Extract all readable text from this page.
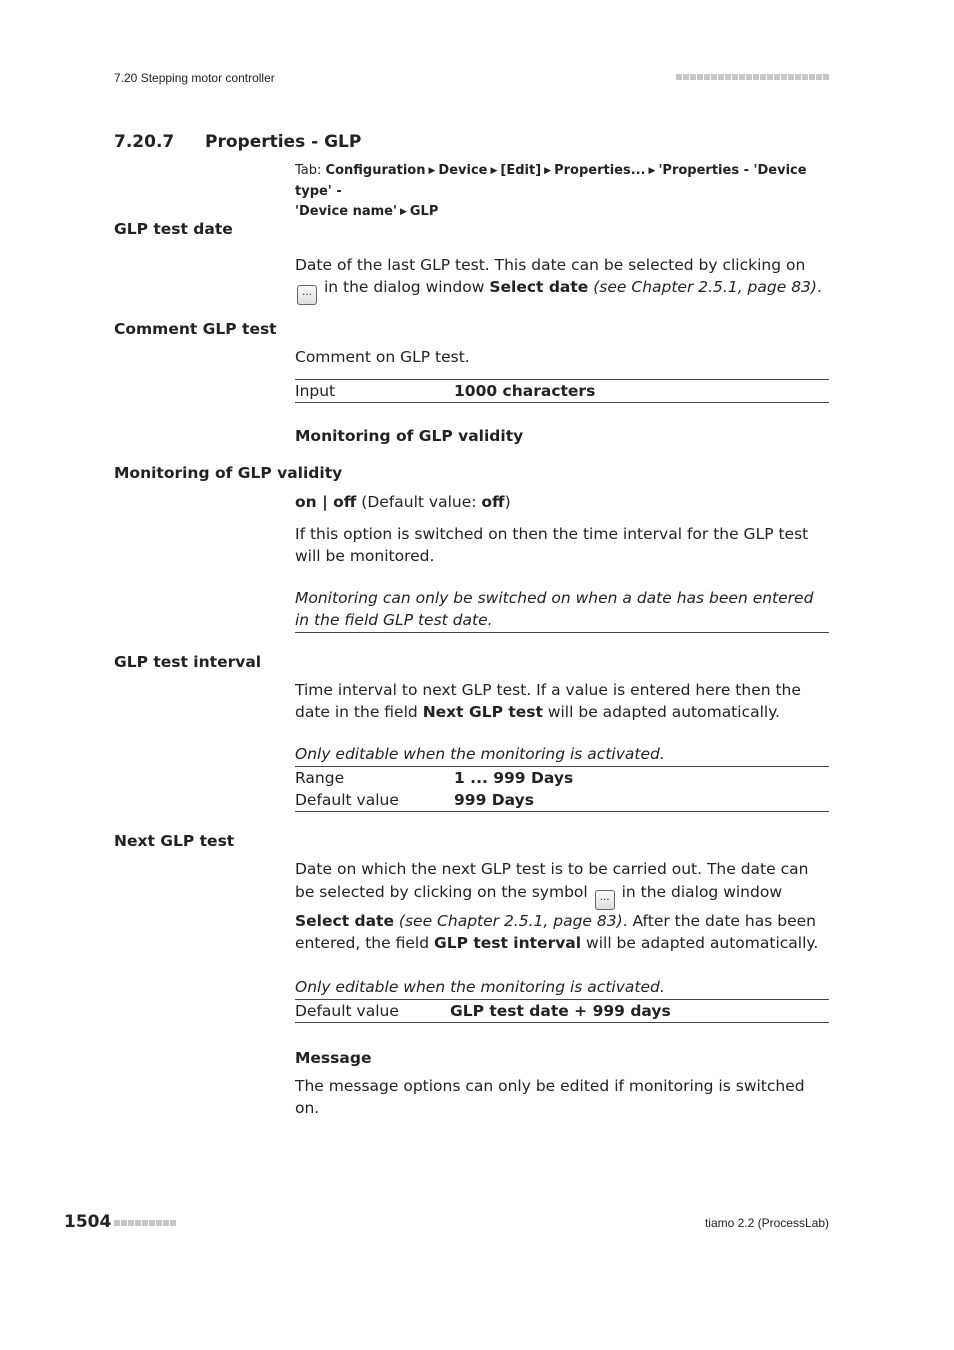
7.20 Stepping motor controller
7.20.7 Properties - GLP
Tab: Configuration ▶ Device ▶ [Edit] ▶ Properties... ▶ 'Properties - 'Device type' -
'Device name' ▶ GLP
GLP test date
Date of the last GLP test. This date can be selected by clicking on … in the dialog window Select date (see Chapter 2.5.1, page 83).
Comment GLP test
Comment on GLP test.
Input	1000 characters
Monitoring of GLP validity
Monitoring of GLP validity
on | off (Default value: off)
If this option is switched on then the time interval for the GLP test will be monitored.
Monitoring can only be switched on when a date has been entered in the field GLP test date.
GLP test interval
Time interval to next GLP test. If a value is entered here then the date in the field Next GLP test will be adapted automatically.
Only editable when the monitoring is activated.
Range	1 ... 999 Days
Default value	999 Days
Next GLP test
Date on which the next GLP test is to be carried out. The date can be selected by clicking on the symbol … in the dialog window Select date (see Chapter 2.5.1, page 83). After the date has been entered, the field GLP test interval will be adapted automatically.
Only editable when the monitoring is activated.
Default value	GLP test date + 999 days
Message
The message options can only be edited if monitoring is switched on.
1504	tiamo 2.2 (ProcessLab)
